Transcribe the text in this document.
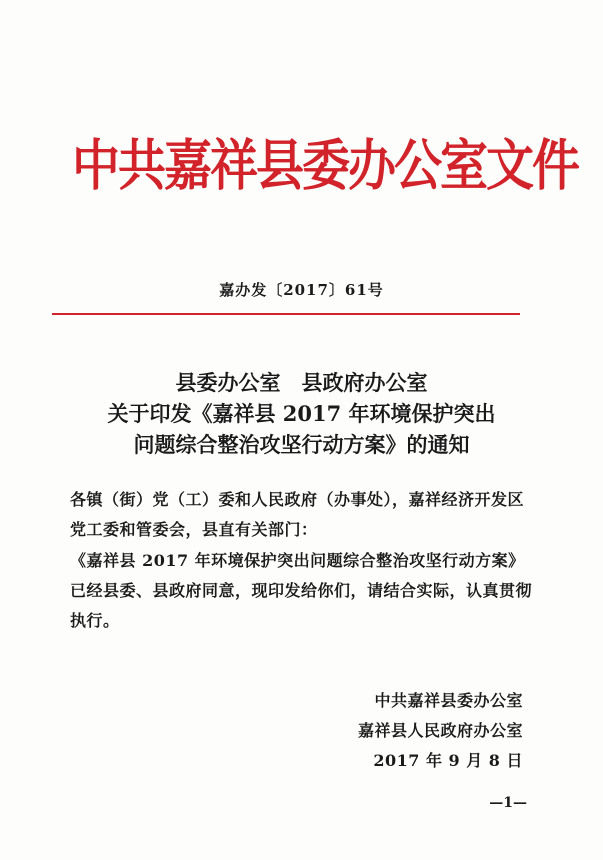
中共嘉祥县委办公室文件
嘉办发〔2017〕61号
县委办公室　县政府办公室
关于印发《嘉祥县 2017 年环境保护突出
问题综合整治攻坚行动方案》的通知
各镇（街）党（工）委和人民政府（办事处），嘉祥经济开发区党工委和管委会，县直有关部门：
《嘉祥县 2017 年环境保护突出问题综合整治攻坚行动方案》已经县委、县政府同意，现印发给你们，请结合实际，认真贯彻执行。
中共嘉祥县委办公室
嘉祥县人民政府办公室
2017 年 9 月 8 日
—1—
